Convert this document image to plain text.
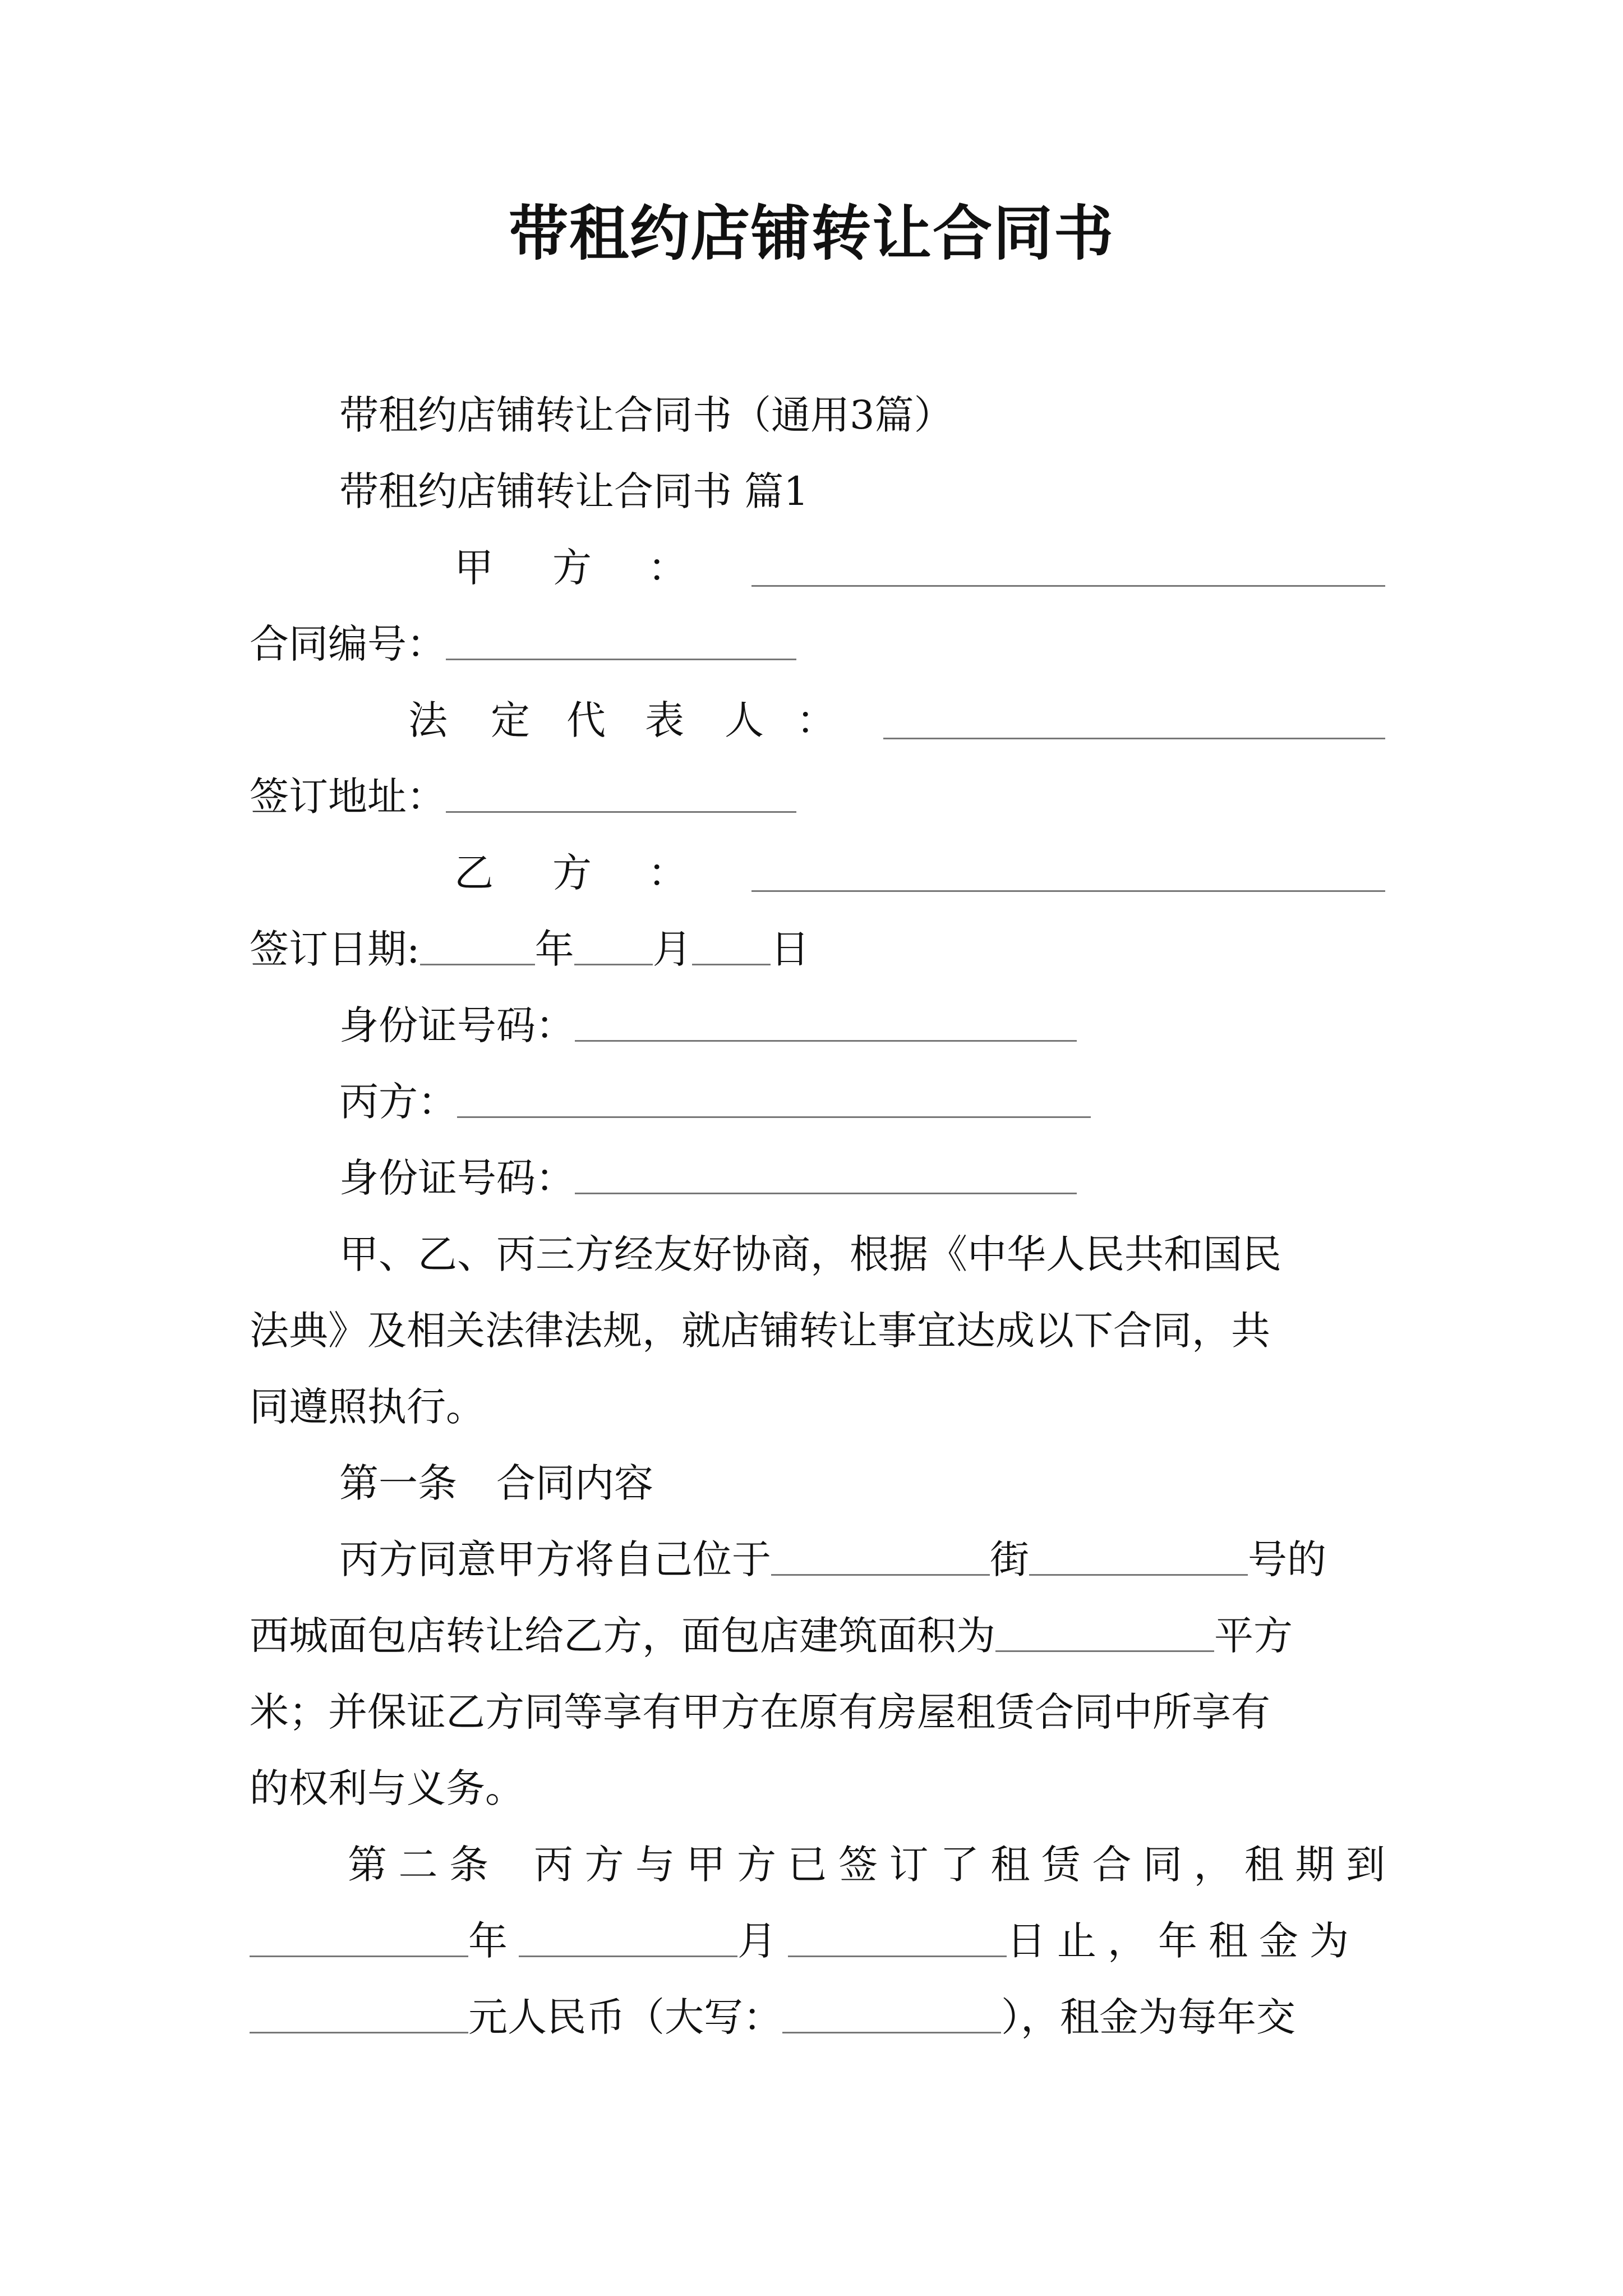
带租约店铺转让合同书
带租约店铺转让合同书（通用3篇）
带租约店铺转让合同书 篇1
甲 方 ：
合同编号：
法 定 代 表 人 ：
签订地址：
乙 方 ：
签订日期:	年 月 日
身份证号码：
丙方：
身份证号码：
甲、乙、丙三方经友好协商，根据《中华人民共和国民
法典》及相关法律法规，就店铺转让事宜达成以下合同，共
同遵照执行。
第一条　合同内容
丙方同意甲方将自己位于	街	号的
西城面包店转让给乙方，面包店建筑面积为	平方
米；并保证乙方同等享有甲方在原有房屋租赁合同中所享有
的权利与义务。
第 二 条 丙 方 与 甲 方 已 签 订 了 租 赁 合 同 ， 租 期 到
年	月	日止，年租金为
元人民币（大写：	），租金为每年交
